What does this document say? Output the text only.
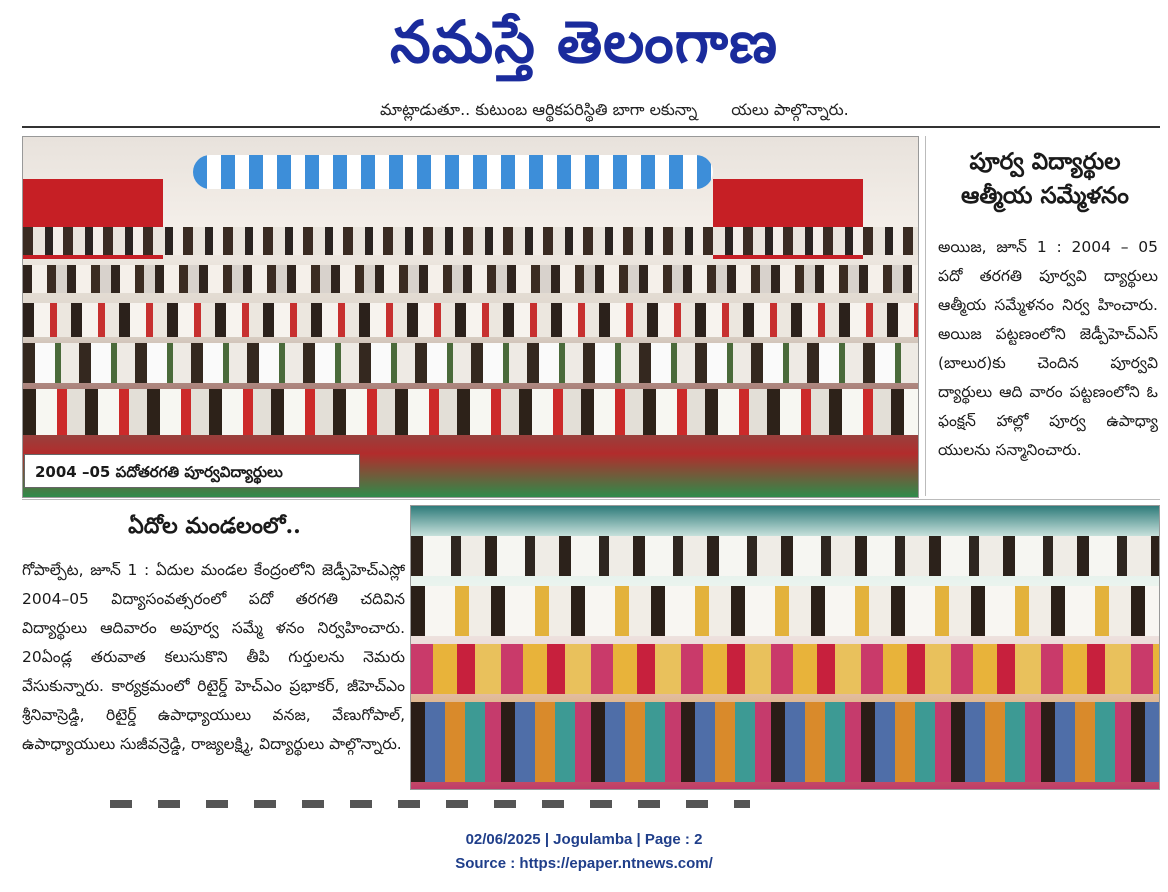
నమస్తే తెలంగాణ
మాట్లాడుతూ.. కుటుంబ ఆర్థికపరిస్థితి బాగా లకున్నా యలు పాల్గొన్నారు.
2004 –05 పదోతరగతి పూర్వవిద్యార్థులు
పూర్వ విద్యార్థుల
ఆత్మీయ సమ్మేళనం
అయిజ, జూన్ 1 : 2004 – 05 పదో తరగతి పూర్వవి ద్యార్థులు ఆత్మీయ సమ్మేళనం నిర్వ హించారు. అయిజ పట్టణంలోని జెడ్పీహెచ్ఎస్ (బాలుర)కు చెందిన పూర్వవి ద్యార్థులు ఆది వారం పట్టణంలోని ఓ ఫంక్షన్ హాల్లో పూర్వ ఉపాధ్యా యులను సన్మానించారు.
ఏదోల మండలంలో..
గోపాల్పేట, జూన్ 1 : ఏదుల మండల కేంద్రంలోని జెడ్పీహెచ్ఎస్లో 2004–05 విద్యాసంవత్సరంలో పదో తరగతి చదివిన విద్యార్థులు ఆదివారం అపూర్వ సమ్మే ళనం నిర్వహించారు. 20ఏండ్ల తరువాత కలుసుకొని తీపి గుర్తులను నెమరు వేసుకున్నారు. కార్యక్రమంలో రిటైర్డ్ హెచ్ఎం ప్రభాకర్, జీహెచ్ఎం శ్రీనివాస్రెడ్డి, రిటైర్డ్ ఉపాధ్యాయులు వనజ, వేణుగోపాల్, ఉపాధ్యాయులు సుజీవన్రెడ్డి, రాజ్యలక్ష్మి, విద్యార్థులు పాల్గొన్నారు.
02/06/2025 | Jogulamba | Page : 2
Source : https://epaper.ntnews.com/
